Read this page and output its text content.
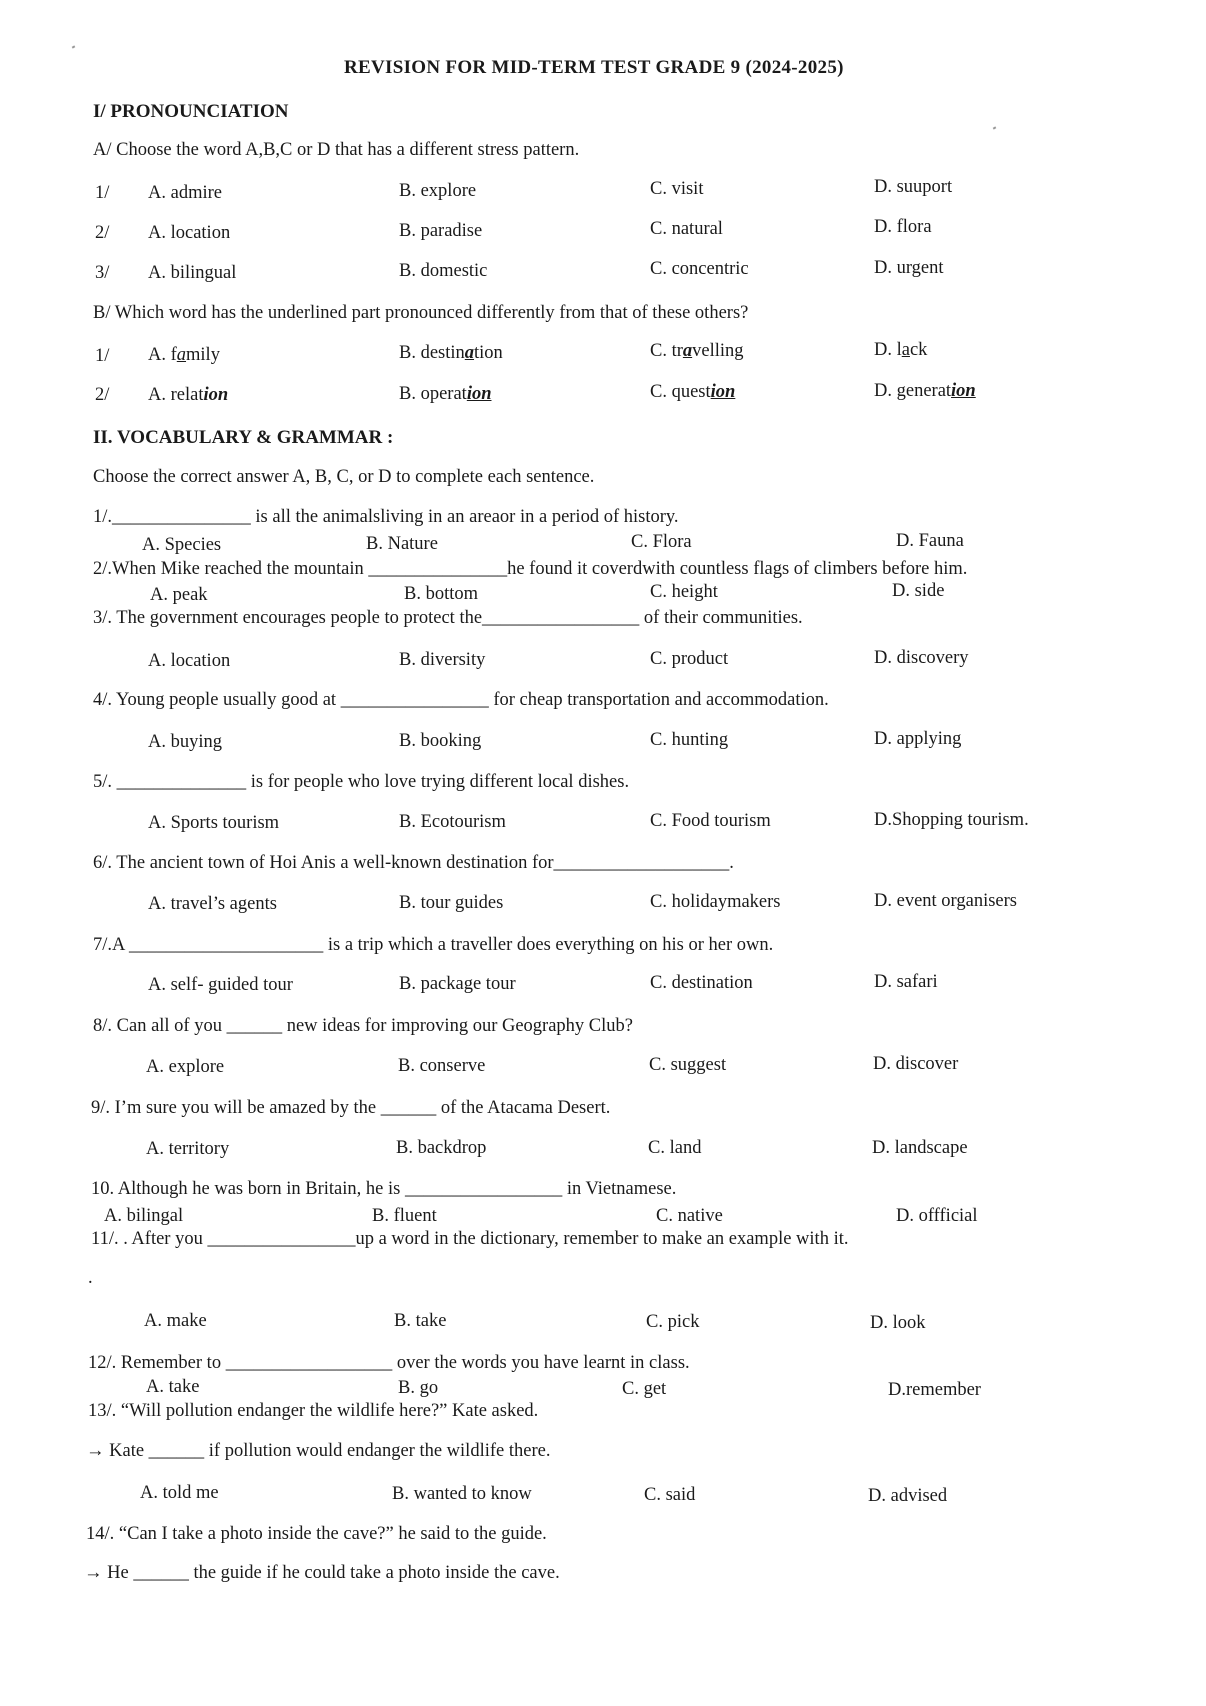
REVISION FOR MID-TERM TEST GRADE 9 (2024-2025)
I/ PRONOUNCIATION
A/ Choose the word A,B,C or D that has a different stress pattern.
1/ A. admire	B. explore	C. visit	D. suuport
2/ A. location	B. paradise	C. natural	D. flora
3/ A. bilingual	B. domestic	C. concentric	D. urgent
B/ Which word has the underlined part pronounced differently from that of these others?
1/ A. family	B. destination	C. travelling	D. lack
2/ A. relation	B. operation	C. question	D. generation
II. VOCABULARY & GRAMMAR :
Choose the correct answer A, B, C, or D to complete each sentence.
1/._______________ is all the animalsliving in an areaor in a period of history.
A. Species	B. Nature	C. Flora	D. Fauna
2/.When Mike reached the mountain _______________he found it coverdwith countless flags of climbers before him.
A. peak	B. bottom	C. height	D. side
3/. The government encourages people to protect the_________________ of their communities.
A. location	B. diversity	C. product	D. discovery
4/. Young people usually good at ________________ for cheap transportation and accommodation.
A. buying	B. booking	C. hunting	D. applying
5/. ______________ is for people who love trying different local dishes.
A. Sports tourism	B. Ecotourism	C. Food tourism	D.Shopping tourism.
6/. The ancient town of Hoi Anis a well-known destination for___________________.
A. travel’s agents	B. tour guides	C. holidaymakers	D. event organisers
7/.A _____________________ is a trip which a traveller does everything on his or her own.
A. self- guided tour	B. package tour	C. destination	D. safari
8/. Can all of you ______ new ideas for improving our Geography Club?
A. explore	B. conserve	C. suggest	D. discover
9/. I’m sure you will be amazed by the ______ of the Atacama Desert.
A. territory	B. backdrop	C. land	D. landscape
10. Although he was born in Britain, he is _________________ in Vietnamese.
A. bilingal	B. fluent	C. native	D. offficial
11/. . After you ________________up a word in the dictionary, remember to make an example with it.
.
A. make	B. take	C. pick	D. look
12/. Remember to __________________ over the words you have learnt in class.
A. take	B. go	C. get	D.remember
13/. “Will pollution endanger the wildlife here?” Kate asked.
→ Kate ______ if pollution would endanger the wildlife there.
A. told me	B. wanted to know	C. said	D. advised
14/. “Can I take a photo inside the cave?” he said to the guide.
→ He ______ the guide if he could take a photo inside the cave.
